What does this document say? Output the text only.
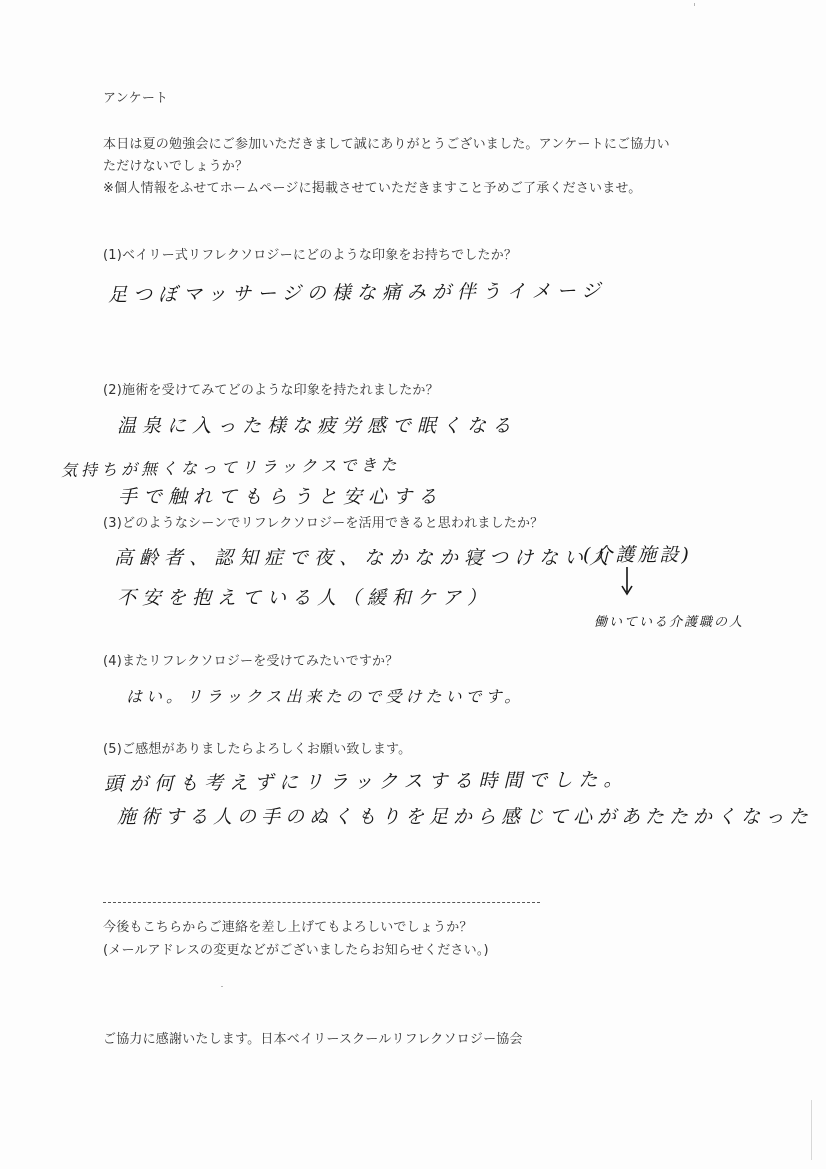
アンケート
本日は夏の勉強会にご参加いただきまして誠にありがとうございました。アンケートにご協力い
ただけないでしょうか？
※個人情報をふせてホームページに掲載させていただきますこと予めご了承くださいませ。
(1)ベイリー式リフレクソロジーにどのような印象をお持ちでしたか？
足つぼマッサージの様な痛みが伴うイメージ
(2)施術を受けてみてどのような印象を持たれましたか？
温泉に入った様な疲労感で眠くなる
気持ちが無くなってリラックスできた
手で触れてもらうと安心する
(3)どのようなシーンでリフレクソロジーを活用できると思われましたか？
高齢者、認知症で夜、なかなか寝つけない人
(介護施設)
不安を抱えている人（緩和ケア）
働いている介護職の人
(4)またリフレクソロジーを受けてみたいですか？
はい。リラックス出来たので受けたいです。
(5)ご感想がありましたらよろしくお願い致します。
頭が何も考えずにリラックスする時間でした。
施術する人の手のぬくもりを足から感じて心があたたかくなった
今後もこちらからご連絡を差し上げてもよろしいでしょうか？
(メールアドレスの変更などがございましたらお知らせください。)
ご協力に感謝いたします。日本ベイリースクールリフレクソロジー協会
